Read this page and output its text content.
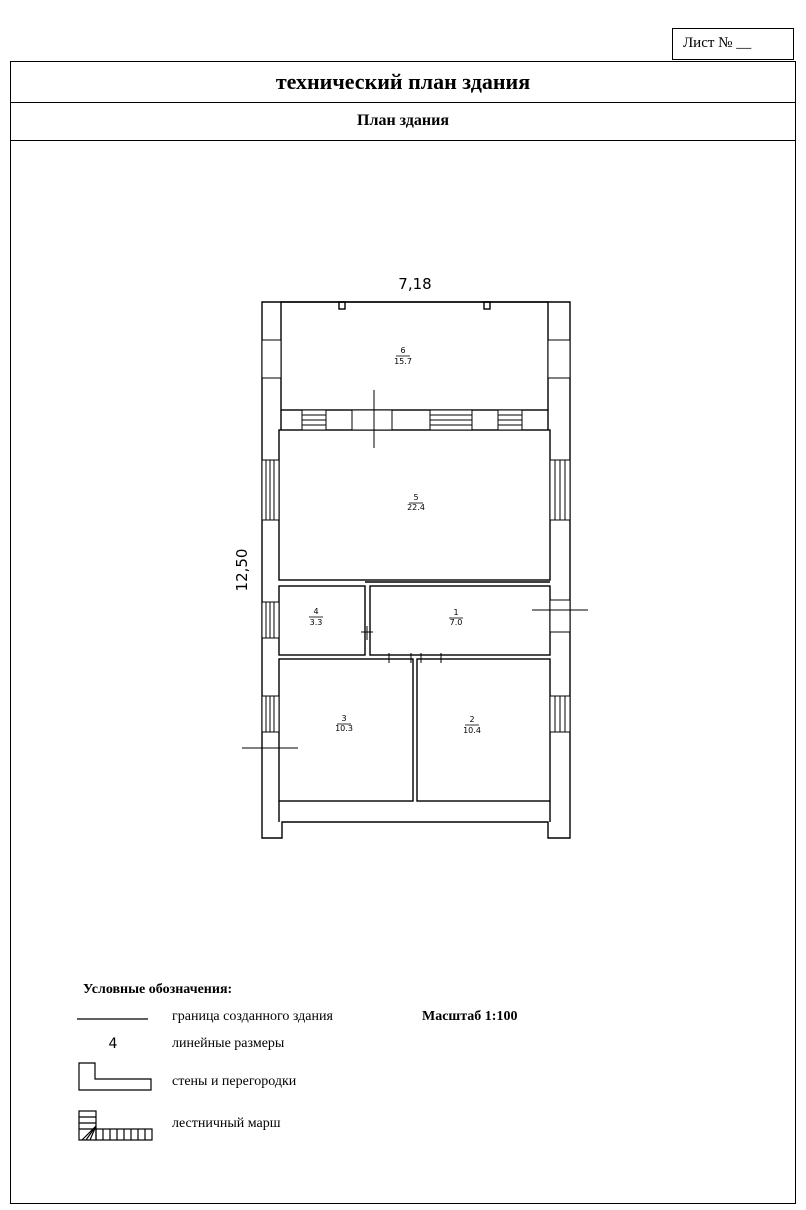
Лист № __
технический план здания
План здания
7,18
12,50
6
15.7
5
22.4
4
3.3
1
7.0
3
10.3
2
10.4
4
Условные обозначения:
граница созданного здания
линейные размеры
стены и перегородки
лестничный марш
Масштаб 1:100
